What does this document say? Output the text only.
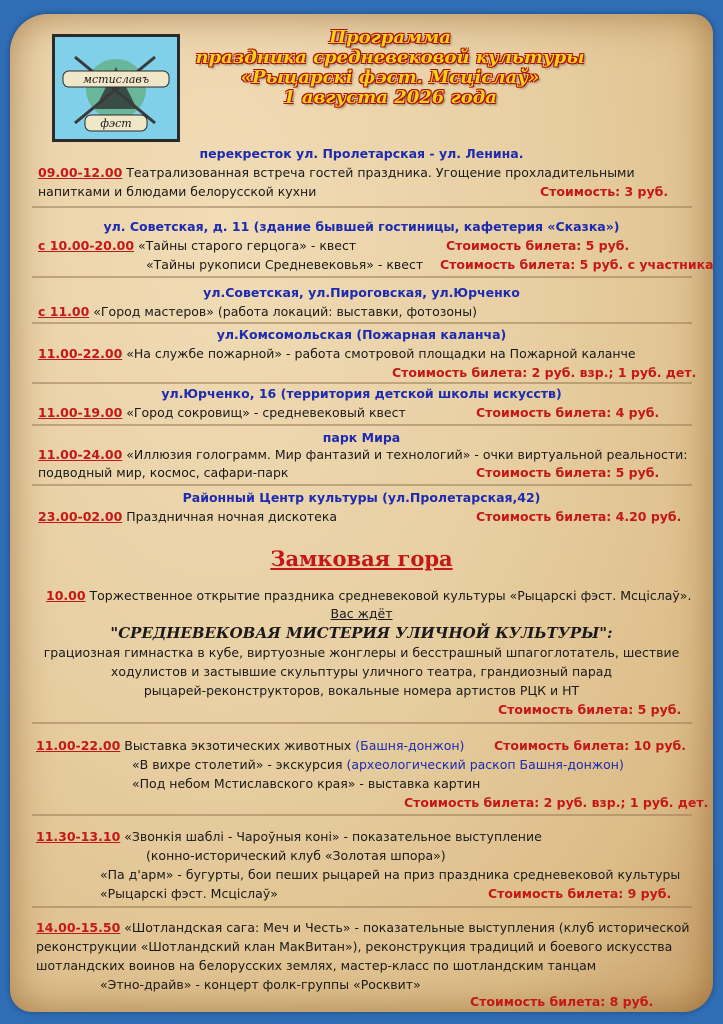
мстиславъ
фэст
Программа
праздника средневековой культуры
«Рыцарскі фэст. Мсціслаў»
1 августа 2026 года
перекресток ул. Пролетарская - ул. Ленина.
09.00-12.00 Театрализованная встреча гостей праздника. Угощение прохладительными
напитками и блюдами белорусской кухни	Стоимость: 3 руб.
ул. Советская, д. 11 (здание бывшей гостиницы, кафетерия «Сказка»)
с 10.00-20.00 «Тайны старого герцога» - квест	Стоимость билета: 5 руб.
«Тайны рукописи Средневековья» - квест Стоимость билета: 5 руб. с участника
ул.Советская, ул.Пироговская, ул.Юрченко
с 11.00 «Город мастеров» (работа локаций: выставки, фотозоны)
ул.Комсомольская (Пожарная каланча)
11.00-22.00 «На службе пожарной» - работа смотровой площадки на Пожарной каланче
Стоимость билета: 2 руб. взр.; 1 руб. дет.
ул.Юрченко, 16 (территория детской школы искусств)
11.00-19.00 «Город сокровищ» - средневековый квест	Стоимость билета: 4 руб.
парк Мира
11.00-24.00 «Иллюзия голограмм. Мир фантазий и технологий» - очки виртуальной реальности:
подводный мир, космос, сафари-парк	Стоимость билета: 5 руб.
Районный Центр культуры (ул.Пролетарская,42)
23.00-02.00 Праздничная ночная дискотека	Стоимость билета: 4.20 руб.
Замковая гора
10.00 Торжественное открытие праздника средневековой культуры «Рыцарскі фэст. Мсціслаў».
Вас ждёт
"СРЕДНЕВЕКОВАЯ МИСТЕРИЯ УЛИЧНОЙ КУЛЬТУРЫ":
грациозная гимнастка в кубе, виртуозные жонглеры и бесстрашный шпагоглотатель, шествие
ходулистов и застывшие скульптуры уличного театра, грандиозный парад
рыцарей-реконструкторов, вокальные номера артистов РЦК и НТ
Стоимость билета: 5 руб.
11.00-22.00 Выставка экзотических животных (Башня-донжон) Стоимость билета: 10 руб.
«В вихре столетий» - экскурсия (археологический раскоп Башня-донжон)
«Под небом Мстиславского края» - выставка картин
Стоимость билета: 2 руб. взр.; 1 руб. дет.
11.30-13.10 «Звонкія шаблі - Чароўныя коні» - показательное выступление
(конно-исторический клуб «Золотая шпора»)
«Па д'арм» - бугурты, бои пеших рыцарей на приз праздника средневековой культуры
«Рыцарскі фэст. Мсціслаў»	Стоимость билета: 9 руб.
14.00-15.50 «Шотландская сага: Меч и Честь» - показательные выступления (клуб исторической
реконструкции «Шотландский клан МакВитан»), реконструкция традиций и боевого искусства
шотландских воинов на белорусских землях, мастер-класс по шотландским танцам
«Этно-драйв» - концерт фолк-группы «Росквит»
Стоимость билета: 8 руб.
